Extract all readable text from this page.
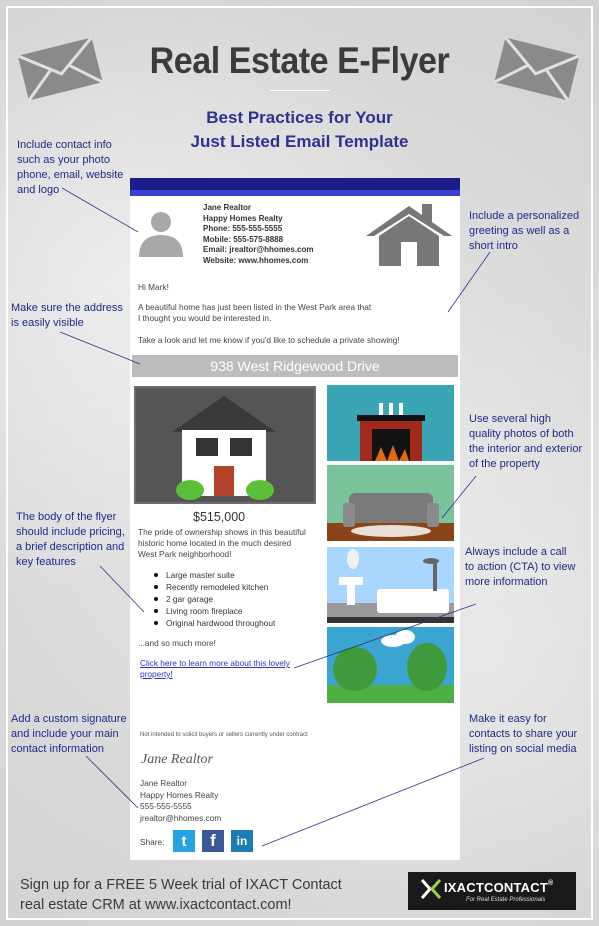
Real Estate E-Flyer
Best Practices for Your
Just Listed Email Template
Include contact info
such as your photo
phone, email, website
and logo
Include a personalized
greeting as well as a
short intro
Make sure the address
is easily visible
Use several high
quality photos of both
the interior and exterior
of the property
The body of the flyer
should include pricing,
a brief description and
key features
Always include a call
to action (CTA) to view
more information
Add a custom signature
and include your main
contact information
Make it easy for
contacts to share your
listing on social media
Jane Realtor
Happy Homes Realty
Phone: 555-555-5555
Mobile: 555-575-8888
Email: jrealtor@hhomes.com
Website: www.hhomes.com
Hi Mark!
A beautiful home has just been listed in the West Park area that
I thought you would be interested in.
Take a look and let me know if you'd like to schedule a private showing!
938 West Ridgewood Drive
$515,000
The pride of ownership shows in this beautiful
historic home located in the much desired
West Park neighborhood!
Large master suite
Recently remodeled kitchen
2 gar garage
Living room fireplace
Original hardwood throughout
...and so much more!
Click here to learn more about this lovely
property!
Not intended to solicit buyers or sellers currently under contract
Jane Realtor
Jane Realtor
Happy Homes Realty
555-555-5555
jrealtor@hhomes.com
Share:	t	f	in
Sign up for a FREE 5 Week trial of IXACT Contact
real estate CRM at www.ixactcontact.com!
IXACTCONTACT®
For Real Estate Professionals
